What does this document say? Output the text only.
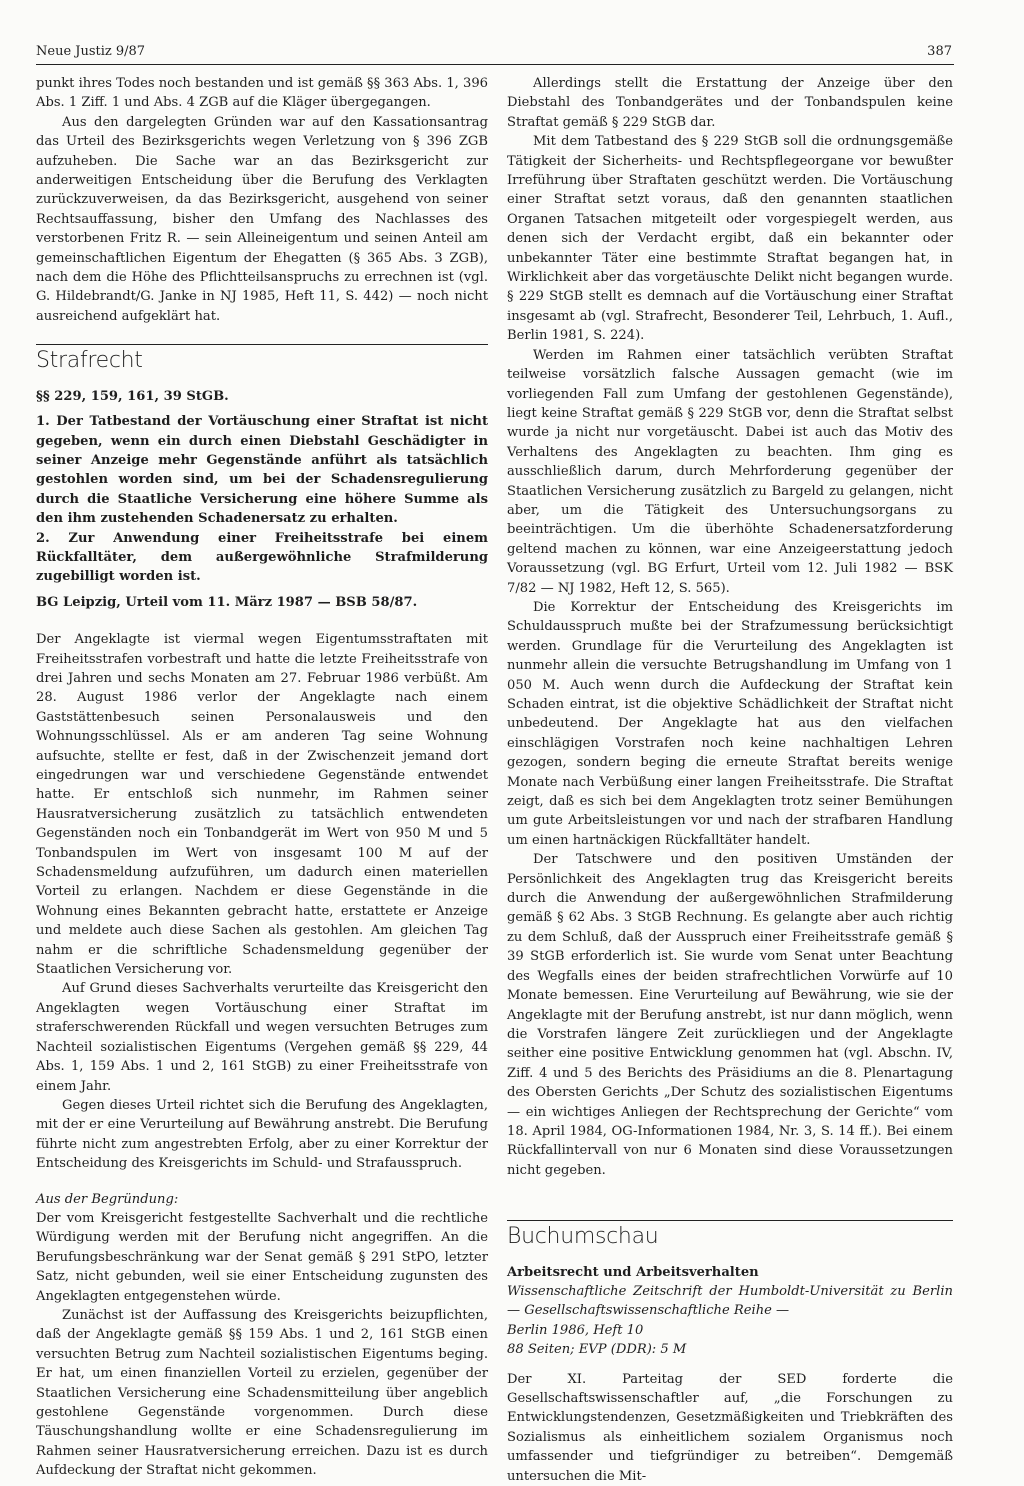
Neue Justiz 9/87	387

punkt ihres Todes noch bestanden und ist gemäß §§ 363 Abs. 1, 396 Abs. 1 Ziff. 1 und Abs. 4 ZGB auf die Kläger übergegangen.

Aus den dargelegten Gründen war auf den Kassationsantrag das Urteil des Bezirksgerichts wegen Verletzung von § 396 ZGB aufzuheben. Die Sache war an das Bezirksgericht zur anderweitigen Entscheidung über die Berufung des Verklagten zurückzuverweisen, da das Bezirksgericht, ausgehend von seiner Rechtsauffassung, bisher den Umfang des Nachlasses des verstorbenen Fritz R. — sein Alleineigentum und seinen Anteil am gemeinschaftlichen Eigentum der Ehegatten (§ 365 Abs. 3 ZGB), nach dem die Höhe des Pflichtteilsanspruchs zu errechnen ist (vgl. G. Hildebrandt/G. Janke in NJ 1985, Heft 11, S. 442) — noch nicht ausreichend aufgeklärt hat.

Strafrecht

§§ 229, 159, 161, 39 StGB.

1. Der Tatbestand der Vortäuschung einer Straftat ist nicht gegeben, wenn ein durch einen Diebstahl Geschädigter in seiner Anzeige mehr Gegenstände anführt als tatsächlich gestohlen worden sind, um bei der Schadensregulierung durch die Staatliche Versicherung eine höhere Summe als den ihm zustehenden Schadenersatz zu erhalten.

2. Zur Anwendung einer Freiheitsstrafe bei einem Rückfalltäter, dem außergewöhnliche Strafmilderung zugebilligt worden ist.

BG Leipzig, Urteil vom 11. März 1987 — BSB 58/87.

Der Angeklagte ist viermal wegen Eigentumsstraftaten mit Freiheitsstrafen vorbestraft und hatte die letzte Freiheitsstrafe von drei Jahren und sechs Monaten am 27. Februar 1986 verbüßt. Am 28. August 1986 verlor der Angeklagte nach einem Gaststättenbesuch seinen Personalausweis und den Wohnungsschlüssel. Als er am anderen Tag seine Wohnung aufsuchte, stellte er fest, daß in der Zwischenzeit jemand dort eingedrungen war und verschiedene Gegenstände entwendet hatte. Er entschloß sich nunmehr, im Rahmen seiner Hausratversicherung zusätzlich zu tatsächlich entwendeten Gegenständen noch ein Tonbandgerät im Wert von 950 M und 5 Tonbandspulen im Wert von insgesamt 100 M auf der Schadensmeldung aufzuführen, um dadurch einen materiellen Vorteil zu erlangen. Nachdem er diese Gegenstände in die Wohnung eines Bekannten gebracht hatte, erstattete er Anzeige und meldete auch diese Sachen als gestohlen. Am gleichen Tag nahm er die schriftliche Schadensmeldung gegenüber der Staatlichen Versicherung vor.

Auf Grund dieses Sachverhalts verurteilte das Kreisgericht den Angeklagten wegen Vortäuschung einer Straftat im straferschwerenden Rückfall und wegen versuchten Betruges zum Nachteil sozialistischen Eigentums (Vergehen gemäß §§ 229, 44 Abs. 1, 159 Abs. 1 und 2, 161 StGB) zu einer Freiheitsstrafe von einem Jahr.

Gegen dieses Urteil richtet sich die Berufung des Angeklagten, mit der er eine Verurteilung auf Bewährung anstrebt. Die Berufung führte nicht zum angestrebten Erfolg, aber zu einer Korrektur der Entscheidung des Kreisgerichts im Schuld- und Strafausspruch.

Aus der Begründung:

Der vom Kreisgericht festgestellte Sachverhalt und die rechtliche Würdigung werden mit der Berufung nicht angegriffen. An die Berufungsbeschränkung war der Senat gemäß § 291 StPO, letzter Satz, nicht gebunden, weil sie einer Entscheidung zugunsten des Angeklagten entgegenstehen würde.

Zunächst ist der Auffassung des Kreisgerichts beizupflichten, daß der Angeklagte gemäß §§ 159 Abs. 1 und 2, 161 StGB einen versuchten Betrug zum Nachteil sozialistischen Eigentums beging. Er hat, um einen finanziellen Vorteil zu erzielen, gegenüber der Staatlichen Versicherung eine Schadensmitteilung über angeblich gestohlene Gegenstände vorgenommen. Durch diese Täuschungshandlung wollte er eine Schadensregulierung im Rahmen seiner Hausratversicherung erreichen. Dazu ist es durch Aufdeckung der Straftat nicht gekommen.

Allerdings stellt die Erstattung der Anzeige über den Diebstahl des Tonbandgerätes und der Tonbandspulen keine Straftat gemäß § 229 StGB dar.

Mit dem Tatbestand des § 229 StGB soll die ordnungsgemäße Tätigkeit der Sicherheits- und Rechtspflegeorgane vor bewußter Irreführung über Straftaten geschützt werden. Die Vortäuschung einer Straftat setzt voraus, daß den genannten staatlichen Organen Tatsachen mitgeteilt oder vorgespiegelt werden, aus denen sich der Verdacht ergibt, daß ein bekannter oder unbekannter Täter eine bestimmte Straftat begangen hat, in Wirklichkeit aber das vorgetäuschte Delikt nicht begangen wurde. § 229 StGB stellt es demnach auf die Vortäuschung einer Straftat insgesamt ab (vgl. Strafrecht, Besonderer Teil, Lehrbuch, 1. Aufl., Berlin 1981, S. 224).

Werden im Rahmen einer tatsächlich verübten Straftat teilweise vorsätzlich falsche Aussagen gemacht (wie im vorliegenden Fall zum Umfang der gestohlenen Gegenstände), liegt keine Straftat gemäß § 229 StGB vor, denn die Straftat selbst wurde ja nicht nur vorgetäuscht. Dabei ist auch das Motiv des Verhaltens des Angeklagten zu beachten. Ihm ging es ausschließlich darum, durch Mehrforderung gegenüber der Staatlichen Versicherung zusätzlich zu Bargeld zu gelangen, nicht aber, um die Tätigkeit des Untersuchungsorgans zu beeinträchtigen. Um die überhöhte Schadenersatzforderung geltend machen zu können, war eine Anzeigeerstattung jedoch Voraussetzung (vgl. BG Erfurt, Urteil vom 12. Juli 1982 — BSK 7/82 — NJ 1982, Heft 12, S. 565).

Die Korrektur der Entscheidung des Kreisgerichts im Schuldausspruch mußte bei der Strafzumessung berücksichtigt werden. Grundlage für die Verurteilung des Angeklagten ist nunmehr allein die versuchte Betrugshandlung im Umfang von 1 050 M. Auch wenn durch die Aufdeckung der Straftat kein Schaden eintrat, ist die objektive Schädlichkeit der Straftat nicht unbedeutend. Der Angeklagte hat aus den vielfachen einschlägigen Vorstrafen noch keine nachhaltigen Lehren gezogen, sondern beging die erneute Straftat bereits wenige Monate nach Verbüßung einer langen Freiheitsstrafe. Die Straftat zeigt, daß es sich bei dem Angeklagten trotz seiner Bemühungen um gute Arbeitsleistungen vor und nach der strafbaren Handlung um einen hartnäckigen Rückfalltäter handelt.

Der Tatschwere und den positiven Umständen der Persönlichkeit des Angeklagten trug das Kreisgericht bereits durch die Anwendung der außergewöhnlichen Strafmilderung gemäß § 62 Abs. 3 StGB Rechnung. Es gelangte aber auch richtig zu dem Schluß, daß der Ausspruch einer Freiheitsstrafe gemäß § 39 StGB erforderlich ist. Sie wurde vom Senat unter Beachtung des Wegfalls eines der beiden strafrechtlichen Vorwürfe auf 10 Monate bemessen. Eine Verurteilung auf Bewährung, wie sie der Angeklagte mit der Berufung anstrebt, ist nur dann möglich, wenn die Vorstrafen längere Zeit zurückliegen und der Angeklagte seither eine positive Entwicklung genommen hat (vgl. Abschn. IV, Ziff. 4 und 5 des Berichts des Präsidiums an die 8. Plenartagung des Obersten Gerichts „Der Schutz des sozialistischen Eigentums — ein wichtiges Anliegen der Rechtsprechung der Gerichte“ vom 18. April 1984, OG-Informationen 1984, Nr. 3, S. 14 ff.). Bei einem Rückfallintervall von nur 6 Monaten sind diese Voraussetzungen nicht gegeben.

Buchumschau

Arbeitsrecht und Arbeitsverhalten

Wissenschaftliche Zeitschrift der Humboldt-Universität zu Berlin — Gesellschaftswissenschaftliche Reihe —

Berlin 1986, Heft 10

88 Seiten; EVP (DDR): 5 M

Der XI. Parteitag der SED forderte die Gesellschaftswissenschaftler auf, „die Forschungen zu Entwicklungstendenzen, Gesetzmäßigkeiten und Triebkräften des Sozialismus als einheitlichem sozialem Organismus noch umfassender und tiefgründiger zu betreiben“. Demgemäß untersuchen die Mit-
